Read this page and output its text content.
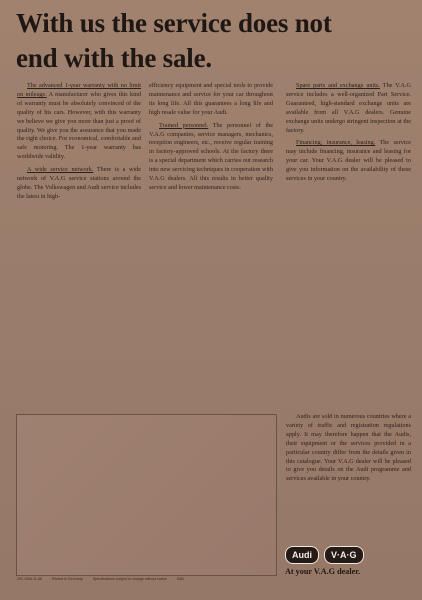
With us the service does not
end with the sale.

The advanced 1-year warranty with no limit on mileage. A manufacturer who gives this kind of warranty must be absolutely convinced of the quality of his cars. However, with this warranty we believe we give you more than just a proof of quality. We give you the assurance that you made the right choice. For economical, comfortable and safe motoring. The 1-year warranty has worldwide validity.

A wide service network. There is a wide network of V.A.G service stations around the globe. The Volkswagen and Audi service includes the latest in high-

efficiency equipment and special tools to provide maintenance and service for your car throughout its long life. All this guarantees a long life and high resale value for your Audi.

Trained personnel. The personnel of the V.A.G companies, service managers, mechanics, reception engineers, etc., receive regular training in factory-approved schools. At the factory there is a special department which carries out research into new servicing techniques in cooperation with V.A.G dealers. All this results in better quality service and lower maintenance costs.

Spare parts and exchange units. The V.A.G service includes a well-organized Part Service. Guaranteed, high-standard exchange units are available from all V.A.G dealers. Genuine exchange units undergo stringent inspection at the factory.

Financing, insurance, leasing. The service may include financing, insurance and leasing for your car. Your V.A.G dealer will be pleased to give you information on the availability of these services in your country.

Audis are sold in numerous countries where a variety of traffic and registration regulations apply. It may therefore happen that the Audis, their equipment or the services provided in a particular country differ from the details given in this catalogue. Your V.A.G dealer will be pleased to give you details on the Audi programme and services available in your country.

Audi	V·A·G
At your V.A.G dealer.
291.1506.11.86	Printed in Germany	Specifications subject to change without notice	6/82
